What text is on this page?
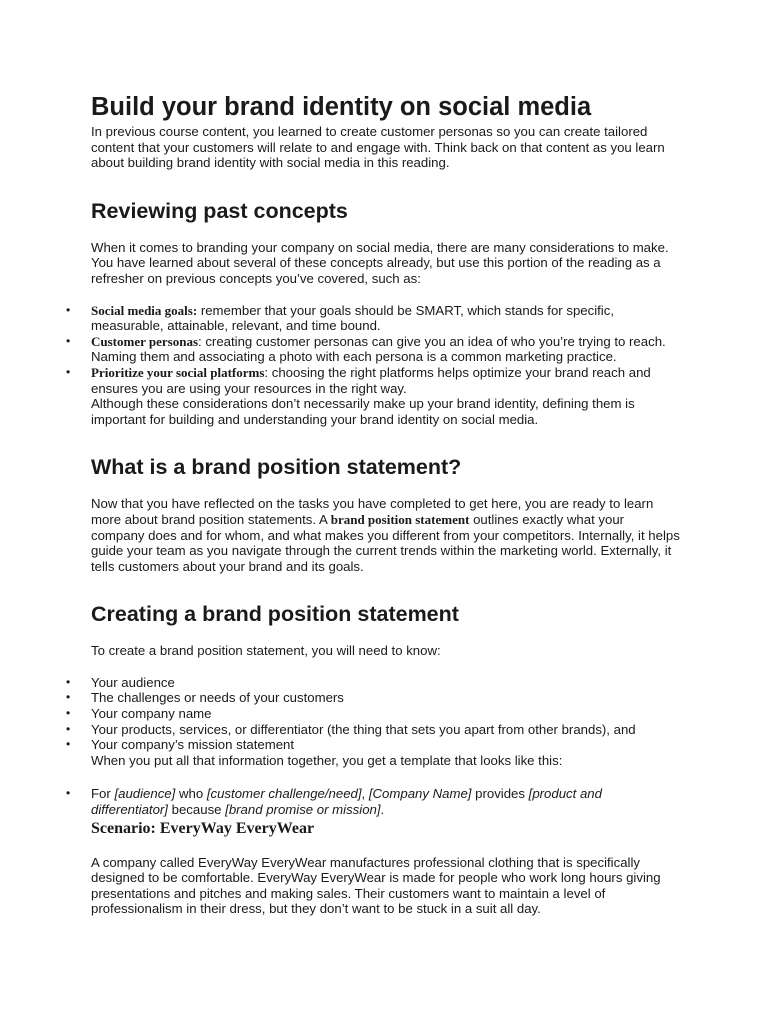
Build your brand identity on social media

In previous course content, you learned to create customer personas so you can create tailored content that your customers will relate to and engage with. Think back on that content as you learn about building brand identity with social media in this reading.

Reviewing past concepts

When it comes to branding your company on social media, there are many considerations to make. You have learned about several of these concepts already, but use this portion of the reading as a refresher on previous concepts you’ve covered, such as:

• Social media goals: remember that your goals should be SMART, which stands for specific, measurable, attainable, relevant, and time bound.
• Customer personas: creating customer personas can give you an idea of who you’re trying to reach. Naming them and associating a photo with each persona is a common marketing practice.
• Prioritize your social platforms: choosing the right platforms helps optimize your brand reach and ensures you are using your resources in the right way.

Although these considerations don’t necessarily make up your brand identity, defining them is important for building and understanding your brand identity on social media.

What is a brand position statement?

Now that you have reflected on the tasks you have completed to get here, you are ready to learn more about brand position statements. A brand position statement outlines exactly what your company does and for whom, and what makes you different from your competitors. Internally, it helps guide your team as you navigate through the current trends within the marketing world. Externally, it tells customers about your brand and its goals.

Creating a brand position statement

To create a brand position statement, you will need to know:

• Your audience
• The challenges or needs of your customers
• Your company name
• Your products, services, or differentiator (the thing that sets you apart from other brands), and
• Your company’s mission statement

When you put all that information together, you get a template that looks like this:

• For [audience] who [customer challenge/need], [Company Name] provides [product and differentiator] because [brand promise or mission].

Scenario: EveryWay EveryWear

A company called EveryWay EveryWear manufactures professional clothing that is specifically designed to be comfortable. EveryWay EveryWear is made for people who work long hours giving presentations and pitches and making sales. Their customers want to maintain a level of professionalism in their dress, but they don’t want to be stuck in a suit all day.
